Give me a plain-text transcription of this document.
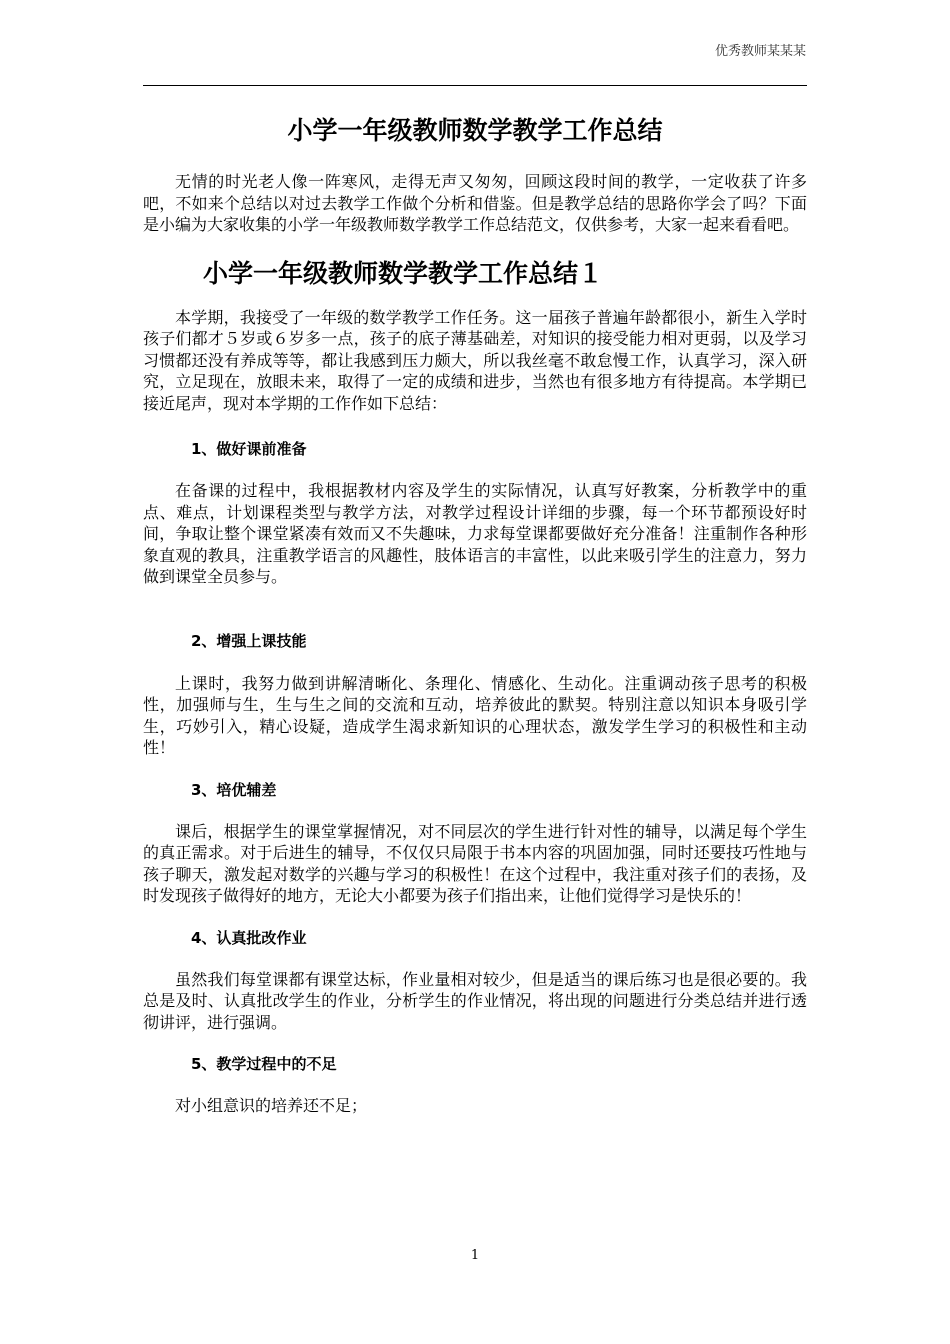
优秀教师某某某
小学一年级教师数学教学工作总结

无情的时光老人像一阵寒风，走得无声又匆匆，回顾这段时间的教学，一定收获了许多吧，不如来个总结以对过去教学工作做个分析和借鉴。但是教学总结的思路你学会了吗？下面是小编为大家收集的小学一年级教师数学教学工作总结范文，仅供参考，大家一起来看看吧。

小学一年级教师数学教学工作总结１

本学期，我接受了一年级的数学教学工作任务。这一届孩子普遍年龄都很小，新生入学时孩子们都才５岁或６岁多一点，孩子的底子薄基础差，对知识的接受能力相对更弱，以及学习习惯都还没有养成等等，都让我感到压力颇大，所以我丝毫不敢怠慢工作，认真学习，深入研究，立足现在，放眼未来，取得了一定的成绩和进步，当然也有很多地方有待提高。本学期已接近尾声，现对本学期的工作作如下总结：

1、做好课前准备

在备课的过程中，我根据教材内容及学生的实际情况，认真写好教案，分析教学中的重点、难点，计划课程类型与教学方法，对教学过程设计详细的步骤，每一个环节都预设好时间，争取让整个课堂紧凑有效而又不失趣味，力求每堂课都要做好充分准备！注重制作各种形象直观的教具，注重教学语言的风趣性，肢体语言的丰富性，以此来吸引学生的注意力，努力做到课堂全员参与。

2、增强上课技能

上课时，我努力做到讲解清晰化、条理化、情感化、生动化。注重调动孩子思考的积极性，加强师与生，生与生之间的交流和互动，培养彼此的默契。特别注意以知识本身吸引学生，巧妙引入，精心设疑，造成学生渴求新知识的心理状态，激发学生学习的积极性和主动性！

3、培优辅差

课后，根据学生的课堂掌握情况，对不同层次的学生进行针对性的辅导，以满足每个学生的真正需求。对于后进生的辅导，不仅仅只局限于书本内容的巩固加强，同时还要技巧性地与孩子聊天，激发起对数学的兴趣与学习的积极性！在这个过程中，我注重对孩子们的表扬，及时发现孩子做得好的地方，无论大小都要为孩子们指出来，让他们觉得学习是快乐的！

4、认真批改作业

虽然我们每堂课都有课堂达标，作业量相对较少，但是适当的课后练习也是很必要的。我总是及时、认真批改学生的作业，分析学生的作业情况，将出现的问题进行分类总结并进行透彻讲评，进行强调。

5、教学过程中的不足

对小组意识的培养还不足；

1
